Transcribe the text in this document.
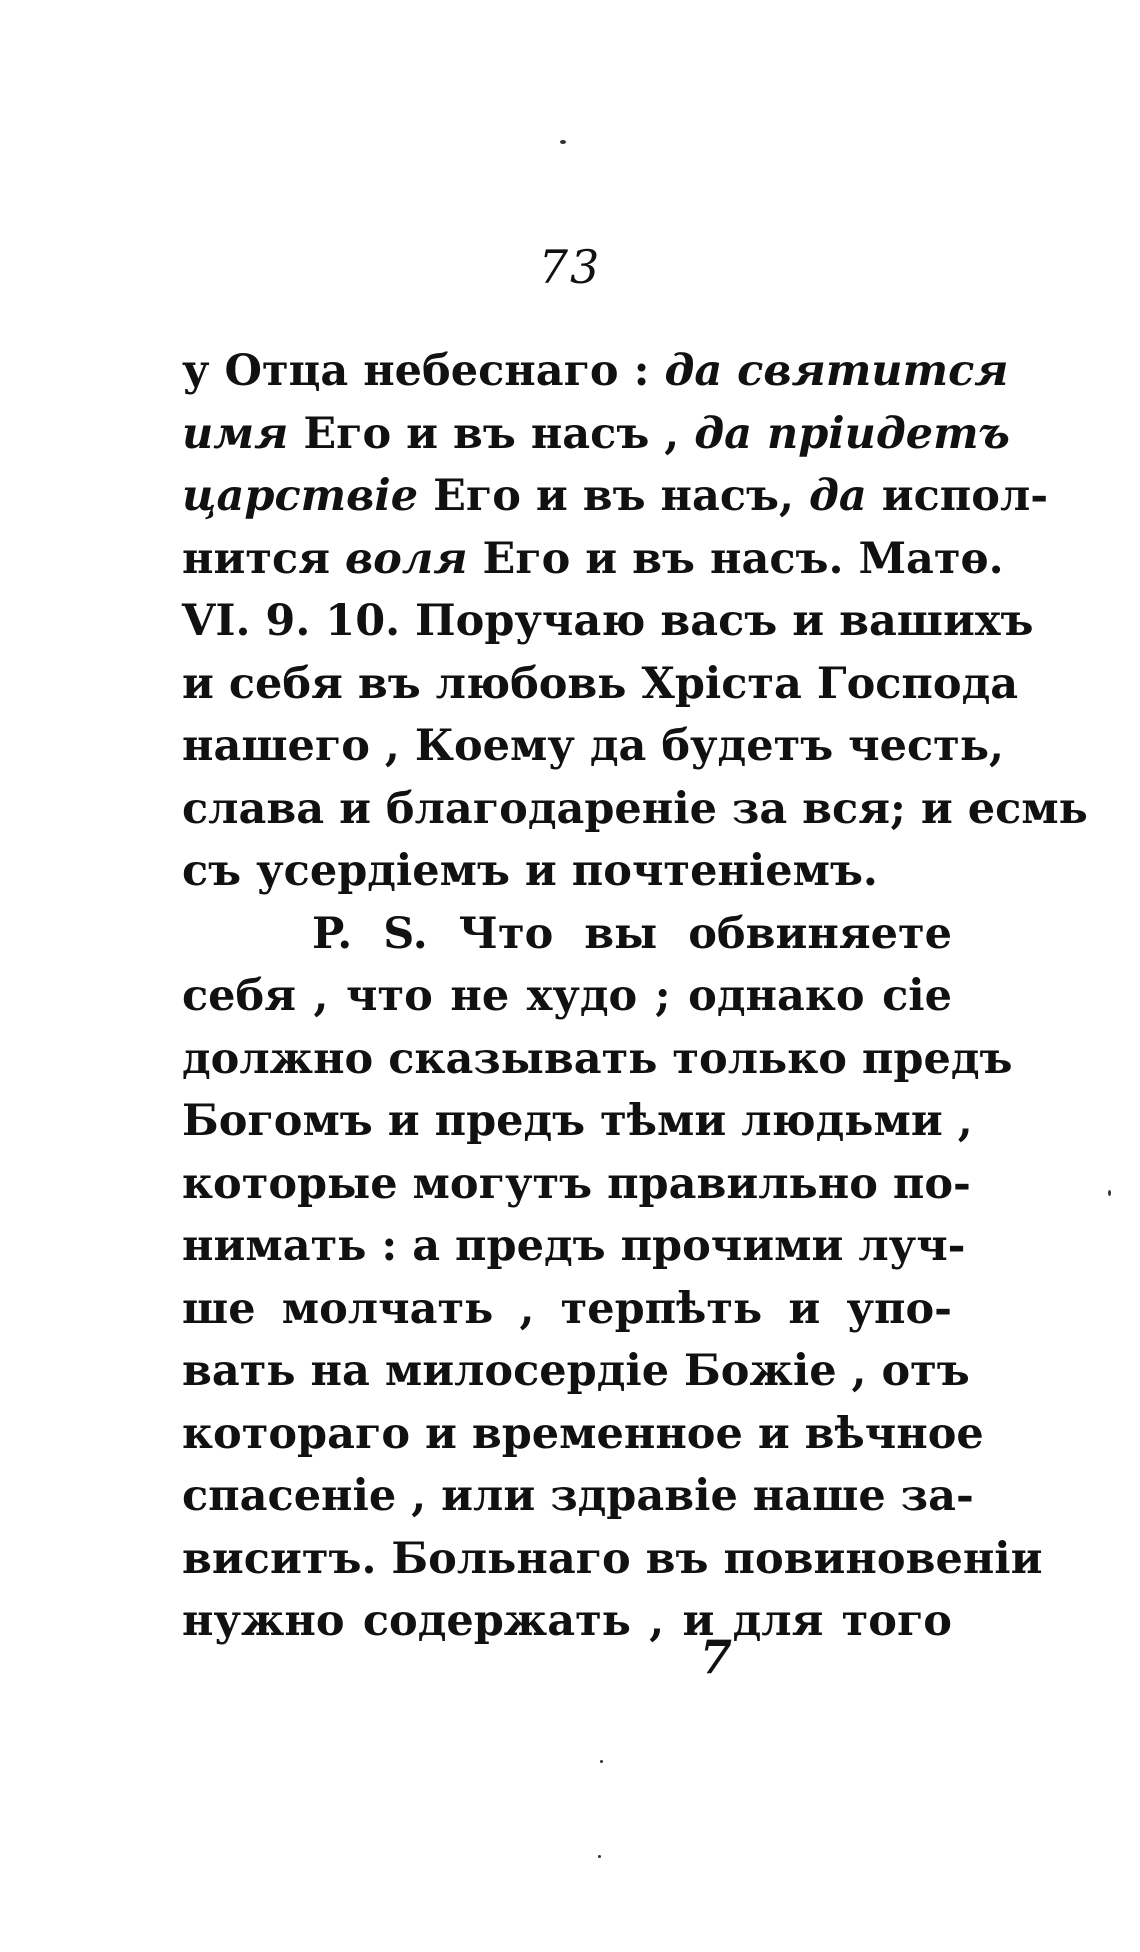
73
у Отца небеснаго : да святится
имя Его и въ насъ , да пріидетъ
царствіе Его и въ насъ, да испол-
нится воля Его и въ насъ. Матѳ.
VI. 9. 10. Поручаю васъ и вашихъ
и себя въ любовь Хріста Господа
нашего , Коему да будетъ честь,
слава и благодареніе за вся; и есмь
съ усердіемъ и почтеніемъ.
P. S. Что вы обвиняете
себя , что не худо ; однако сіе
должно сказывать только предъ
Богомъ и предъ тѣми людьми ,
которые могутъ правильно по-
нимать : а предъ прочими луч-
ше молчать , терпѣть и упо-
вать на милосердіе Божіе , отъ
котораго и временное и вѣчное
спасеніе , или здравіе наше за-
виситъ. Больнаго въ повиновеніи
нужно содержать , и для того
7
